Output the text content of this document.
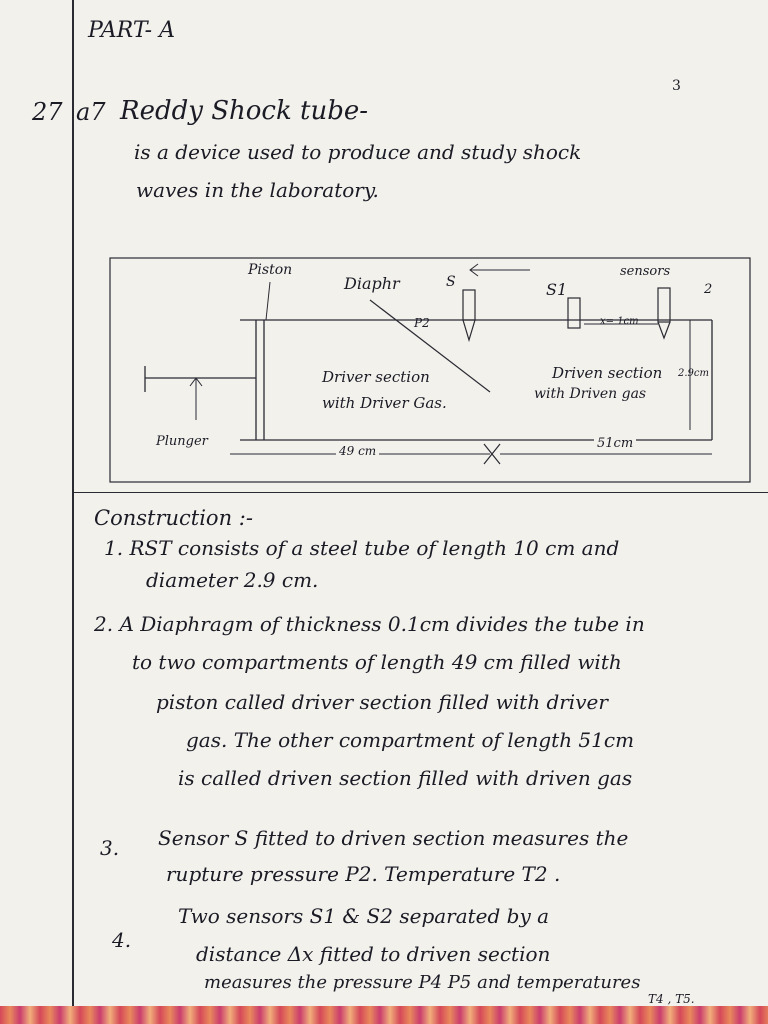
PART- A
3
27 a7 Reddy Shock tube-
is a device used to produce and study shock
waves in the laboratory.
Piston
Diaphr	S	S1
sensors
2
P2	x= 1cm
Driver section
with Driver Gas.
Driven section
with Driven gas
2.9cm
Plunger
49 cm	51cm
Construction :-
1. RST consists of a steel tube of length 10 cm and
diameter 2.9 cm.
2. A Diaphragm of thickness 0.1cm divides the tube in
to two compartments of length 49 cm filled with
piston called driver section filled with driver
gas. The other compartment of length 51cm
is called driven section filled with driven gas
3. Sensor S fitted to driven section measures the
rupture pressure P2. Temperature T2 .
4.
Two sensors S1 & S2 separated by a
distance Δx fitted to driven section
measures the pressure P4 P5 and temperatures
T4 , T5.
